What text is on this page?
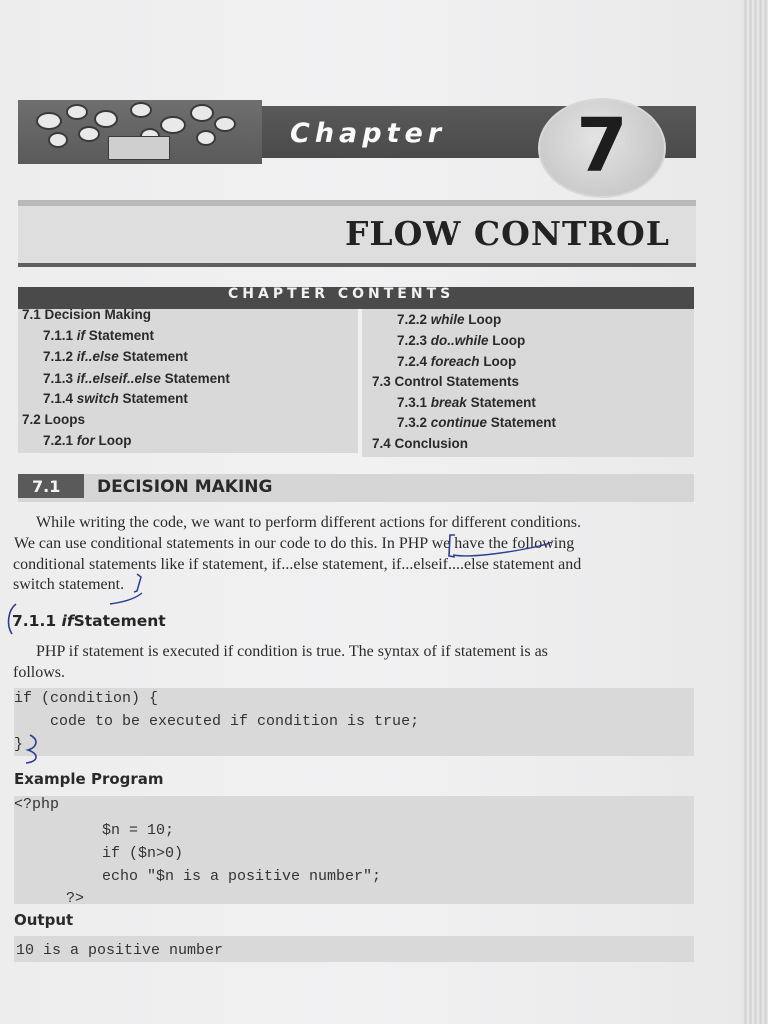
Chapter	7
FLOW CONTROL
CHAPTER CONTENTS
7.1 Decision Making
7.1.1 if Statement
7.1.2 if..else Statement
7.1.3 if..elseif..else Statement
7.1.4 switch Statement
7.2 Loops
7.2.1 for Loop
7.2.2 while Loop
7.2.3 do..while Loop
7.2.4 foreach Loop
7.3 Control Statements
7.3.1 break Statement
7.3.2 continue Statement
7.4 Conclusion
7.1 DECISION MAKING
While writing the code, we want to perform different actions for different conditions.
We can use conditional statements in our code to do this. In PHP we have the following
conditional statements like if statement, if...else statement, if...elseif....else statement and
switch statement.
7.1.1 ifStatement
PHP if statement is executed if condition is true. The syntax of if statement is as
follows.
if (condition) {
code to be executed if condition is true;
}
Example Program
<?php
$n = 10;
if ($n>0)
echo "$n is a positive number";
?>
Output
10 is a positive number
